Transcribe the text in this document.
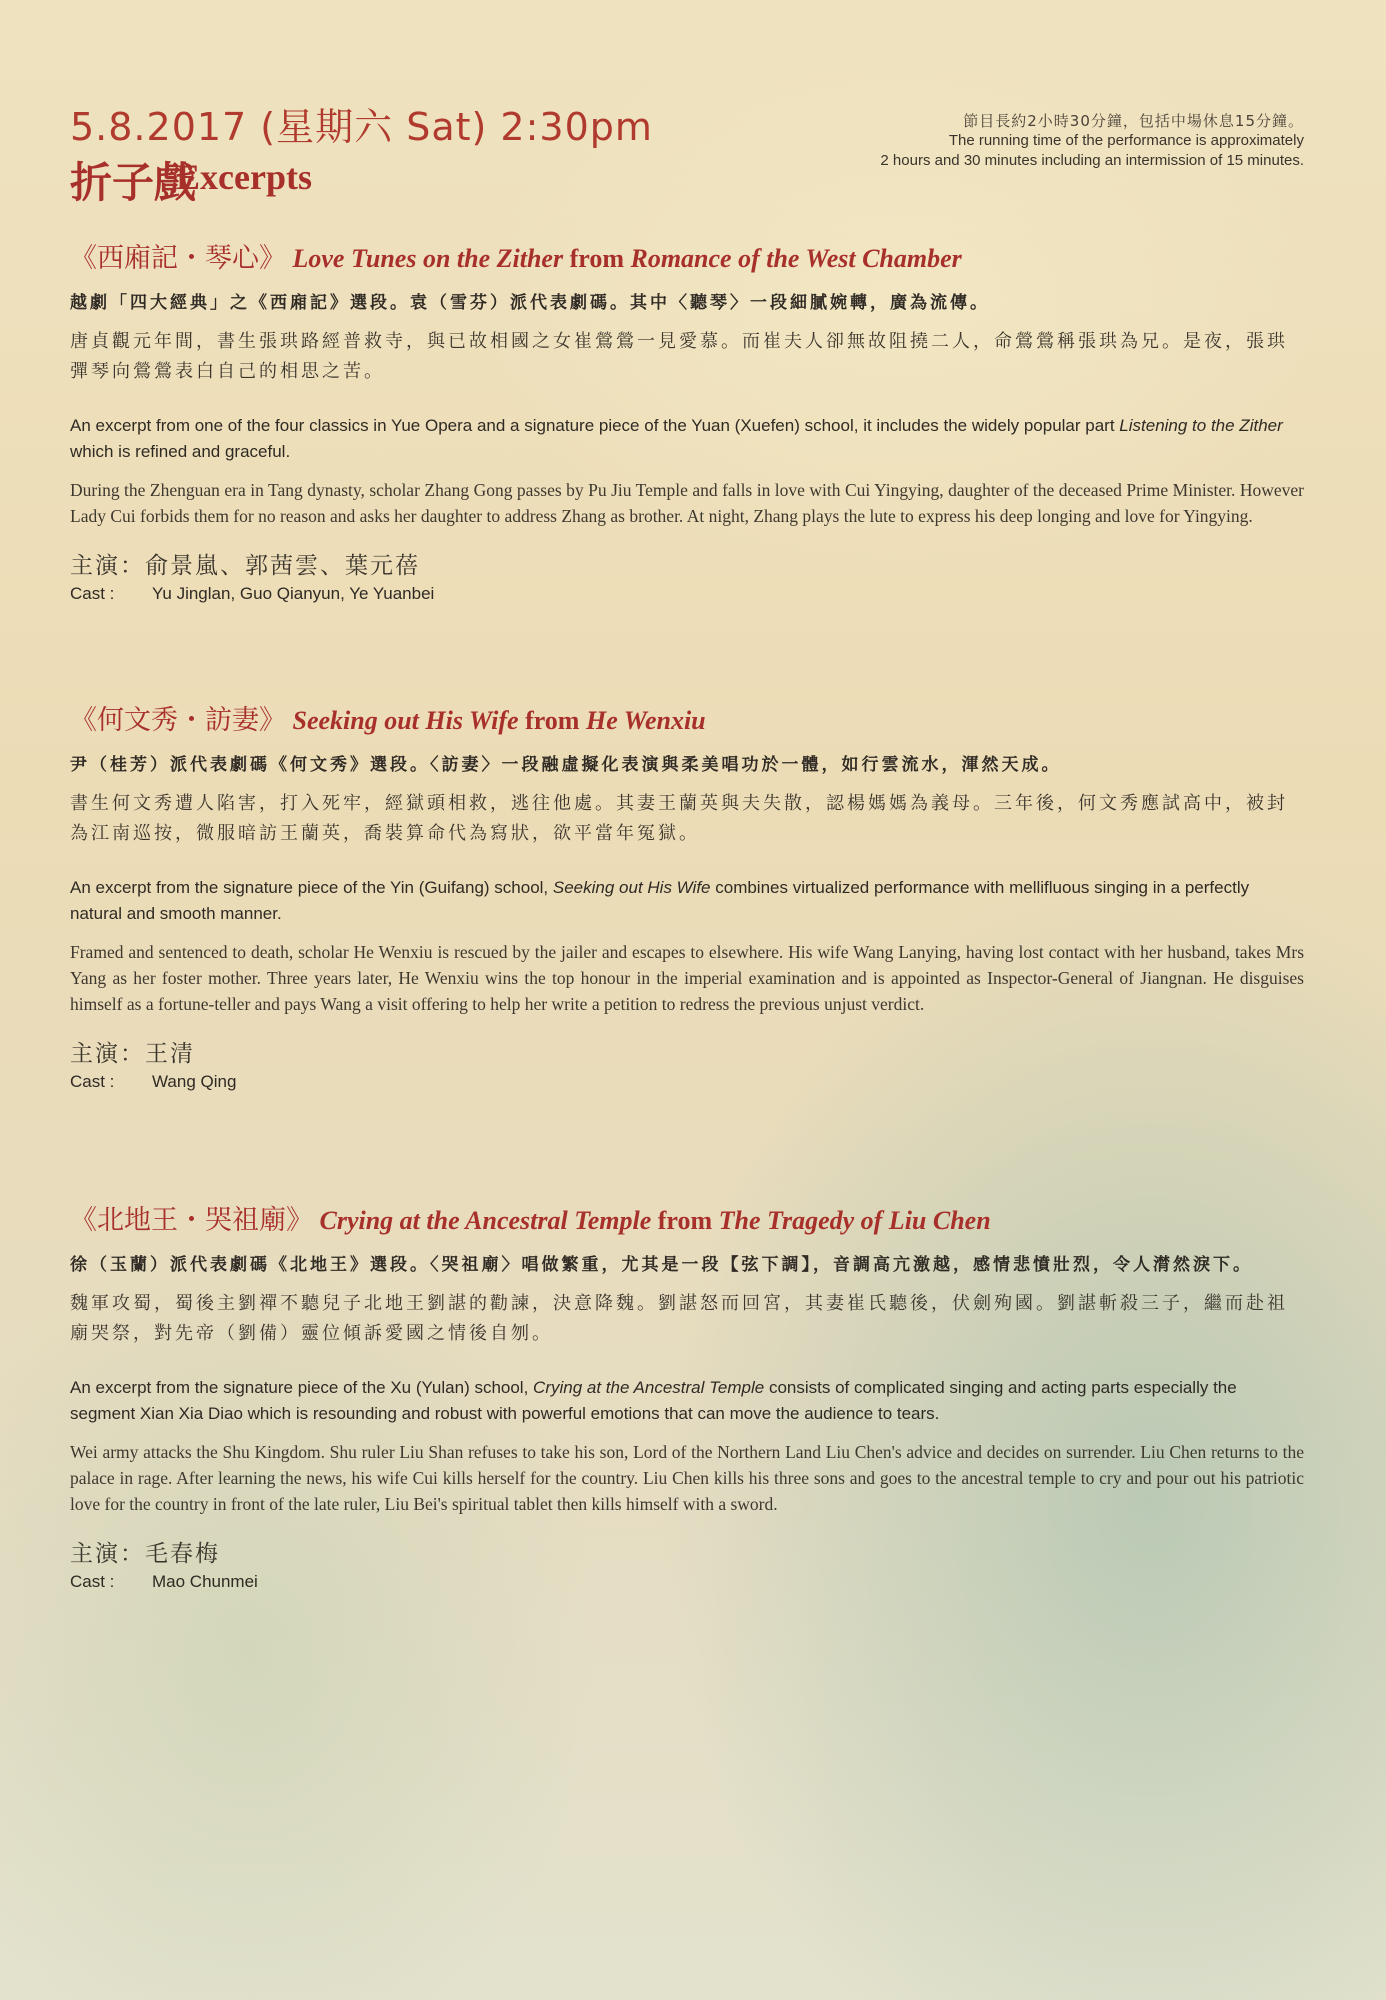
5.8.2017 (星期六 Sat) 2:30pm
折子戲
Excerpts
節目長約2小時30分鐘，包括中場休息15分鐘。
The running time of the performance is approximately
2 hours and 30 minutes including an intermission of 15 minutes.
《西廂記・琴心》 Love Tunes on the Zither from Romance of the West Chamber

越劇「四大經典」之《西廂記》選段。袁（雪芬）派代表劇碼。其中〈聽琴〉一段細膩婉轉，廣為流傳。

唐貞觀元年間，書生張珙路經普救寺，與已故相國之女崔鶯鶯一見愛慕。而崔夫人卻無故阻撓二人，命鶯鶯稱張珙為兄。是夜，張珙彈琴向鶯鶯表白自己的相思之苦。

An excerpt from one of the four classics in Yue Opera and a signature piece of the Yuan (Xuefen) school, it includes the widely popular part Listening to the Zither which is refined and graceful.

During the Zhenguan era in Tang dynasty, scholar Zhang Gong passes by Pu Jiu Temple and falls in love with Cui Yingying, daughter of the deceased Prime Minister. However Lady Cui forbids them for no reason and asks her daughter to address Zhang as brother. At night, Zhang plays the lute to express his deep longing and love for Yingying.

主演：俞景嵐、郭茜雲、葉元蓓

Cast : Yu Jinglan, Guo Qianyun, Ye Yuanbei

《何文秀・訪妻》 Seeking out His Wife from He Wenxiu

尹（桂芳）派代表劇碼《何文秀》選段。〈訪妻〉一段融虛擬化表演與柔美唱功於一體，如行雲流水，渾然天成。

書生何文秀遭人陷害，打入死牢，經獄頭相救，逃往他處。其妻王蘭英與夫失散，認楊媽媽為義母。三年後，何文秀應試高中，被封為江南巡按，微服暗訪王蘭英，喬裝算命代為寫狀，欲平當年冤獄。

An excerpt from the signature piece of the Yin (Guifang) school, Seeking out His Wife combines virtualized performance with mellifluous singing in a perfectly natural and smooth manner.

Framed and sentenced to death, scholar He Wenxiu is rescued by the jailer and escapes to elsewhere. His wife Wang Lanying, having lost contact with her husband, takes Mrs Yang as her foster mother. Three years later, He Wenxiu wins the top honour in the imperial examination and is appointed as Inspector-General of Jiangnan. He disguises himself as a fortune-teller and pays Wang a visit offering to help her write a petition to redress the previous unjust verdict.

主演：王清

Cast : Wang Qing

《北地王・哭祖廟》 Crying at the Ancestral Temple from The Tragedy of Liu Chen

徐（玉蘭）派代表劇碼《北地王》選段。〈哭祖廟〉唱做繁重，尤其是一段【弦下調】，音調高亢激越，感情悲憤壯烈，令人潸然淚下。

魏軍攻蜀，蜀後主劉禪不聽兒子北地王劉諶的勸諫，決意降魏。劉諶怒而回宮，其妻崔氏聽後，伏劍殉國。劉諶斬殺三子，繼而赴祖廟哭祭，對先帝（劉備）靈位傾訴愛國之情後自刎。

An excerpt from the signature piece of the Xu (Yulan) school, Crying at the Ancestral Temple consists of complicated singing and acting parts especially the segment Xian Xia Diao which is resounding and robust with powerful emotions that can move the audience to tears.

Wei army attacks the Shu Kingdom. Shu ruler Liu Shan refuses to take his son, Lord of the Northern Land Liu Chen's advice and decides on surrender. Liu Chen returns to the palace in rage. After learning the news, his wife Cui kills herself for the country. Liu Chen kills his three sons and goes to the ancestral temple to cry and pour out his patriotic love for the country in front of the late ruler, Liu Bei's spiritual tablet then kills himself with a sword.

主演：毛春梅

Cast : Mao Chunmei
